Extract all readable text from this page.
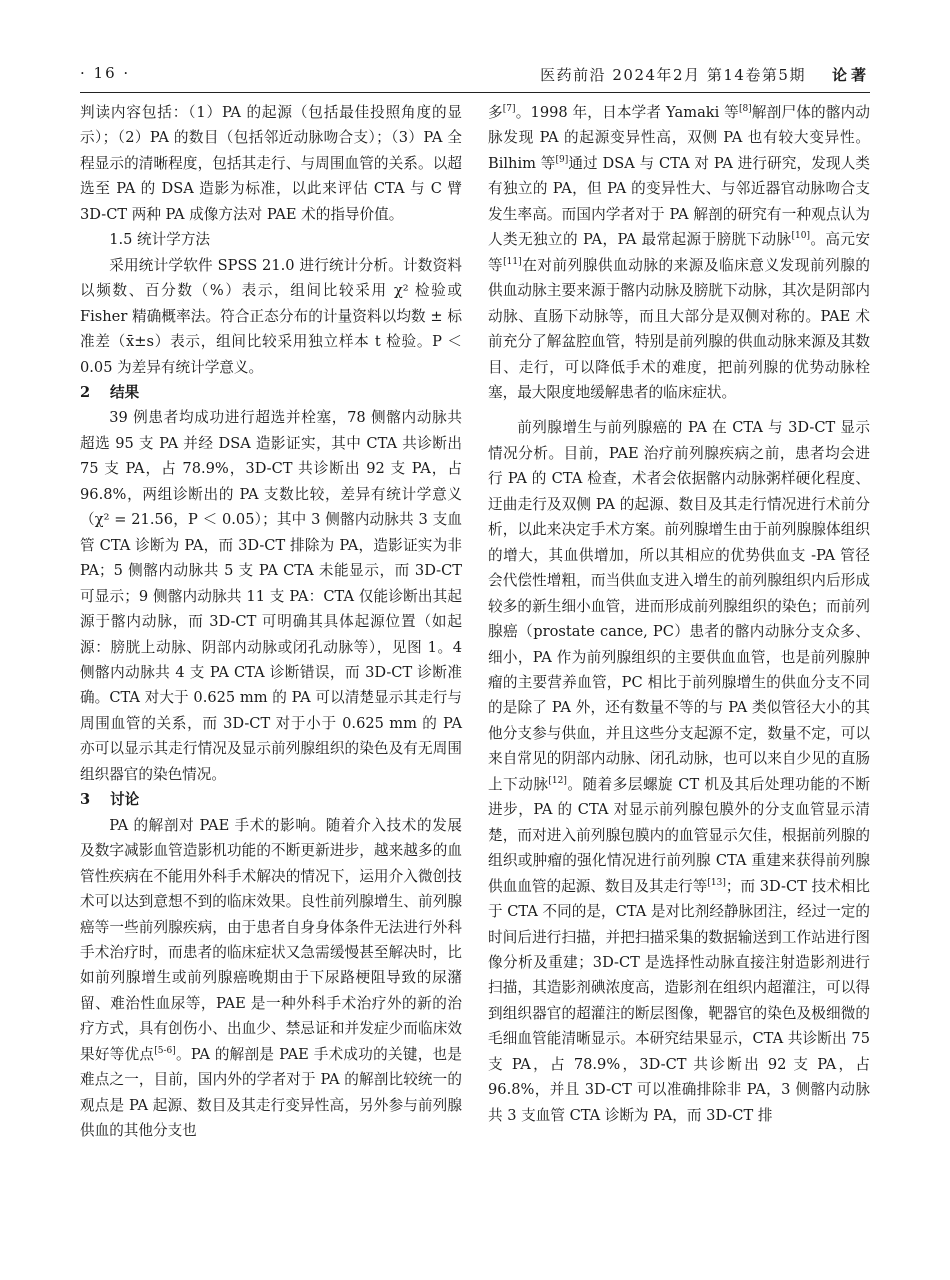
· 16 ·	医药前沿 2024年2月 第14卷第5期 论著

判读内容包括：（1）PA 的起源（包括最佳投照角度的显示）；（2）PA 的数目（包括邻近动脉吻合支）；（3）PA 全程显示的清晰程度，包括其走行、与周围血管的关系。以超选至 PA 的 DSA 造影为标准，以此来评估 CTA 与 C 臂 3D-CT 两种 PA 成像方法对 PAE 术的指导价值。

1.5 统计学方法

采用统计学软件 SPSS 21.0 进行统计分析。计数资料以频数、百分数（%）表示，组间比较采用 χ² 检验或 Fisher 精确概率法。符合正态分布的计量资料以均数 ± 标准差（x̄±s）表示，组间比较采用独立样本 t 检验。P ＜ 0.05 为差异有统计学意义。

2 结果

39 例患者均成功进行超选并栓塞，78 侧髂内动脉共超选 95 支 PA 并经 DSA 造影证实，其中 CTA 共诊断出 75 支 PA，占 78.9%，3D-CT 共诊断出 92 支 PA，占 96.8%，两组诊断出的 PA 支数比较，差异有统计学意义（χ² = 21.56，P ＜ 0.05）；其中 3 侧髂内动脉共 3 支血管 CTA 诊断为 PA，而 3D-CT 排除为 PA，造影证实为非 PA；5 侧髂内动脉共 5 支 PA CTA 未能显示，而 3D-CT 可显示；9 侧髂内动脉共 11 支 PA：CTA 仅能诊断出其起源于髂内动脉，而 3D-CT 可明确其具体起源位置（如起源：膀胱上动脉、阴部内动脉或闭孔动脉等），见图 1。4 侧髂内动脉共 4 支 PA CTA 诊断错误，而 3D-CT 诊断准确。CTA 对大于 0.625 mm 的 PA 可以清楚显示其走行与周围血管的关系，而 3D-CT 对于小于 0.625 mm 的 PA 亦可以显示其走行情况及显示前列腺组织的染色及有无周围组织器官的染色情况。

3 讨论

PA 的解剖对 PAE 手术的影响。随着介入技术的发展及数字减影血管造影机功能的不断更新进步，越来越多的血管性疾病在不能用外科手术解决的情况下，运用介入微创技术可以达到意想不到的临床效果。良性前列腺增生、前列腺癌等一些前列腺疾病，由于患者自身身体条件无法进行外科手术治疗时，而患者的临床症状又急需缓慢甚至解决时，比如前列腺增生或前列腺癌晚期由于下尿路梗阻导致的尿潴留、难治性血尿等，PAE 是一种外科手术治疗外的新的治疗方式，具有创伤小、出血少、禁忌证和并发症少而临床效果好等优点[5-6]。PA 的解剖是 PAE 手术成功的关键，也是难点之一，目前，国内外的学者对于 PA 的解剖比较统一的观点是 PA 起源、数目及其走行变异性高，另外参与前列腺供血的其他分支也

多[7]。1998 年，日本学者 Yamaki 等[8]解剖尸体的髂内动脉发现 PA 的起源变异性高，双侧 PA 也有较大变异性。Bilhim 等[9]通过 DSA 与 CTA 对 PA 进行研究，发现人类有独立的 PA，但 PA 的变异性大、与邻近器官动脉吻合支发生率高。而国内学者对于 PA 解剖的研究有一种观点认为人类无独立的 PA，PA 最常起源于膀胱下动脉[10]。高元安等[11]在对前列腺供血动脉的来源及临床意义发现前列腺的供血动脉主要来源于髂内动脉及膀胱下动脉，其次是阴部内动脉、直肠下动脉等，而且大部分是双侧对称的。PAE 术前充分了解盆腔血管，特别是前列腺的供血动脉来源及其数目、走行，可以降低手术的难度，把前列腺的优势动脉栓塞，最大限度地缓解患者的临床症状。

前列腺增生与前列腺癌的 PA 在 CTA 与 3D-CT 显示情况分析。目前，PAE 治疗前列腺疾病之前，患者均会进行 PA 的 CTA 检查，术者会依据髂内动脉粥样硬化程度、迂曲走行及双侧 PA 的起源、数目及其走行情况进行术前分析，以此来决定手术方案。前列腺增生由于前列腺腺体组织的增大，其血供增加，所以其相应的优势供血支 -PA 管径会代偿性增粗，而当供血支进入增生的前列腺组织内后形成较多的新生细小血管，进而形成前列腺组织的染色；而前列腺癌（prostate cance, PC）患者的髂内动脉分支众多、细小，PA 作为前列腺组织的主要供血血管，也是前列腺肿瘤的主要营养血管，PC 相比于前列腺增生的供血分支不同的是除了 PA 外，还有数量不等的与 PA 类似管径大小的其他分支参与供血，并且这些分支起源不定，数量不定，可以来自常见的阴部内动脉、闭孔动脉，也可以来自少见的直肠上下动脉[12]。随着多层螺旋 CT 机及其后处理功能的不断进步，PA 的 CTA 对显示前列腺包膜外的分支血管显示清楚，而对进入前列腺包膜内的血管显示欠佳，根据前列腺的组织或肿瘤的强化情况进行前列腺 CTA 重建来获得前列腺供血血管的起源、数目及其走行等[13]；而 3D-CT 技术相比于 CTA 不同的是，CTA 是对比剂经静脉团注，经过一定的时间后进行扫描，并把扫描采集的数据输送到工作站进行图像分析及重建；3D-CT 是选择性动脉直接注射造影剂进行扫描，其造影剂碘浓度高，造影剂在组织内超灌注，可以得到组织器官的超灌注的断层图像，靶器官的染色及极细微的毛细血管能清晰显示。本研究结果显示，CTA 共诊断出 75 支 PA，占 78.9%，3D-CT 共诊断出 92 支 PA，占 96.8%，并且 3D-CT 可以准确排除非 PA，3 侧髂内动脉共 3 支血管 CTA 诊断为 PA，而 3D-CT 排
